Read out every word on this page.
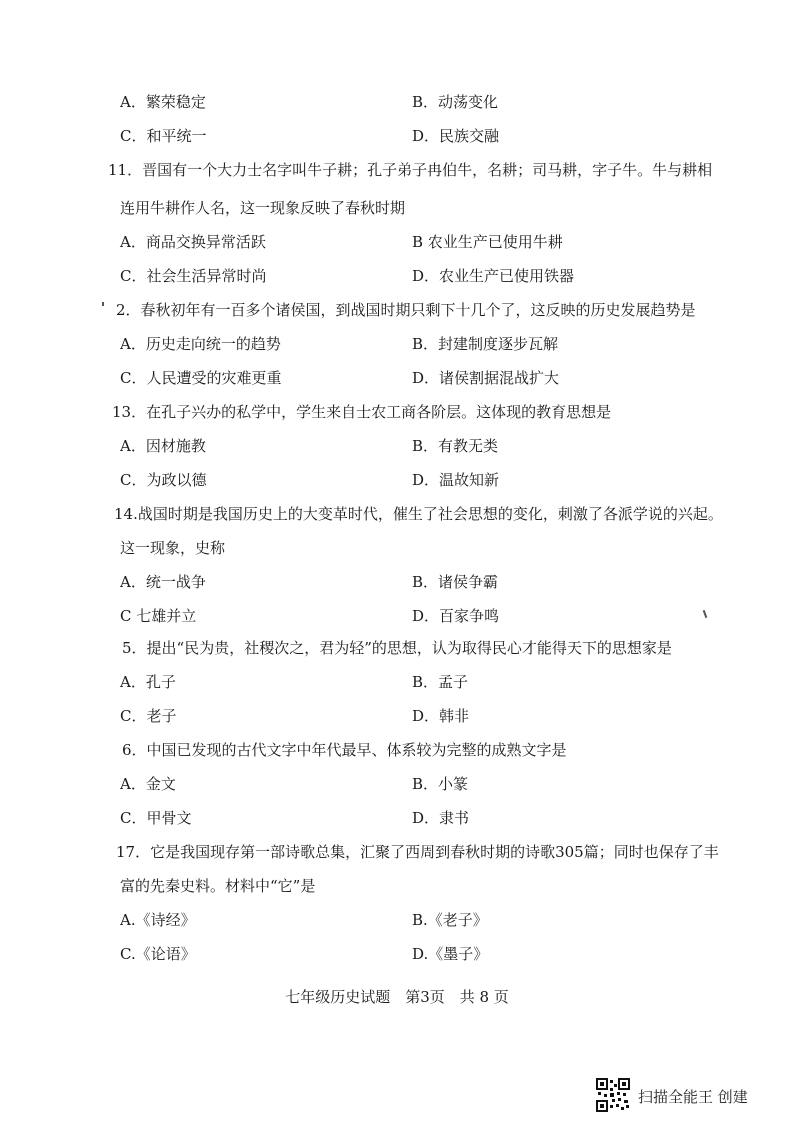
A．繁荣稳定	B．动荡变化
C．和平统一	D．民族交融
11．晋国有一个大力士名字叫牛子耕；孔子弟子冉伯牛，名耕；司马耕，字子牛。牛与耕相
连用牛耕作人名，这一现象反映了春秋时期
A．商品交换异常活跃	B 农业生产已使用牛耕
C．社会生活异常时尚	D．农业生产已使用铁器
2．春秋初年有一百多个诸侯国，到战国时期只剩下十几个了，这反映的历史发展趋势是
A．历史走向统一的趋势	B．封建制度逐步瓦解
C．人民遭受的灾难更重	D．诸侯割据混战扩大
13．在孔子兴办的私学中，学生来自士农工商各阶层。这体现的教育思想是
A．因材施教	B．有教无类
C．为政以德	D．温故知新
14.战国时期是我国历史上的大变革时代，催生了社会思想的变化，刺激了各派学说的兴起。
这一现象，史称
A．统一战争	B．诸侯争霸
C 七雄并立	D．百家争鸣
5．提出“民为贵，社稷次之，君为轻”的思想，认为取得民心才能得天下的思想家是
A．孔子	B．孟子
C．老子	D．韩非
6．中国已发现的古代文字中年代最早、体系较为完整的成熟文字是
A．金文	B．小篆
C．甲骨文	D．隶书
17．它是我国现存第一部诗歌总集，汇聚了西周到春秋时期的诗歌305篇；同时也保存了丰
富的先秦史料。材料中“它”是
A.《诗经》	B.《老子》
C.《论语》	D.《墨子》
七年级历史试题　第3页　共 8 页
扫描全能王 创建
